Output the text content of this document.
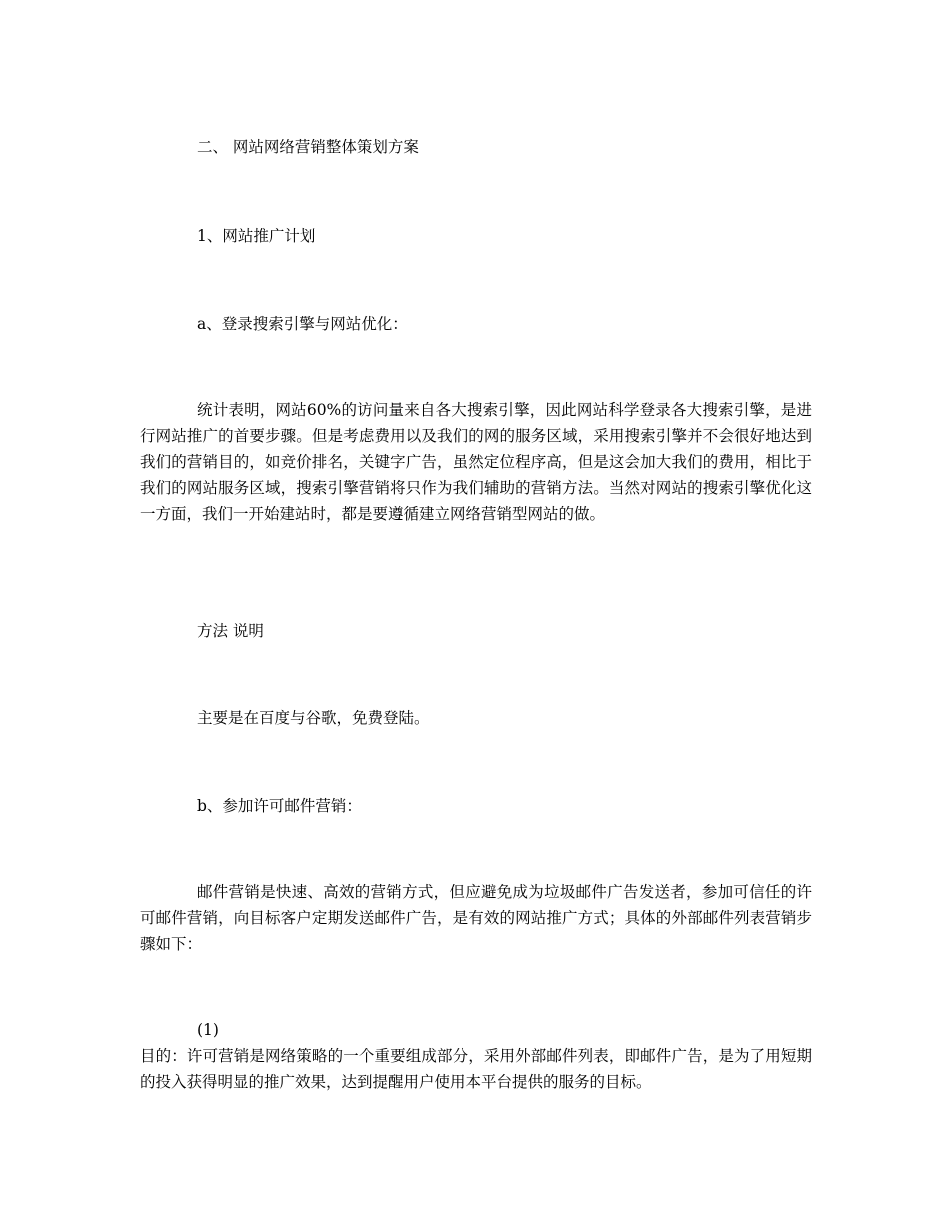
二、 网站网络营销整体策划方案
1、网站推广计划
a、登录搜索引擎与网站优化：
统计表明，网站60%的访问量来自各大搜索引擎，因此网站科学登录各大搜索引擎，是进行网站推广的首要步骤。但是考虑费用以及我们的网的服务区域，采用搜索引擎并不会很好地达到我们的营销目的，如竞价排名，关键字广告，虽然定位程序高，但是这会加大我们的费用，相比于我们的网站服务区域，搜索引擎营销将只作为我们辅助的营销方法。当然对网站的搜索引擎优化这一方面，我们一开始建站时，都是要遵循建立网络营销型网站的做。
方法 说明
主要是在百度与谷歌，免费登陆。
b、参加许可邮件营销：
邮件营销是快速、高效的营销方式，但应避免成为垃圾邮件广告发送者，参加可信任的许可邮件营销，向目标客户定期发送邮件广告，是有效的网站推广方式；具体的外部邮件列表营销步骤如下：
(1)
目的：许可营销是网络策略的一个重要组成部分，采用外部邮件列表，即邮件广告，是为了用短期的投入获得明显的推广效果，达到提醒用户使用本平台提供的服务的目标。
